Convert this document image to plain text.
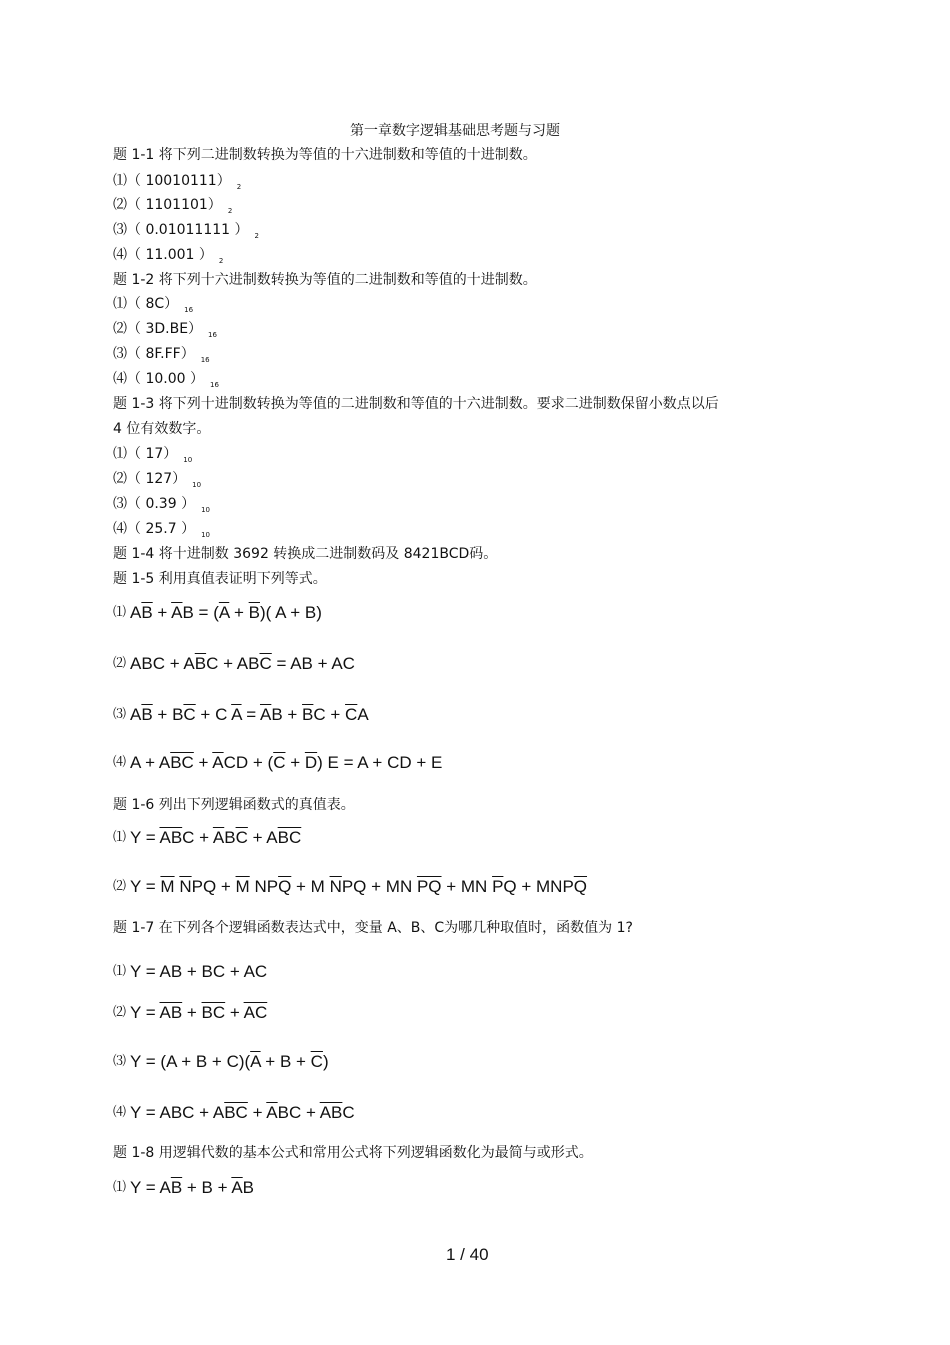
第一章数字逻辑基础思考题与习题
题 1-1 将下列二进制数转换为等值的十六进制数和等值的十进制数。
⑴（ 10010111） $_2$
⑵（ 1101101） $_2$
⑶（ 0.01011111 ） $_2$
⑷（ 11.001 ） $_2$
题 1-2 将下列十六进制数转换为等值的二进制数和等值的十进制数。
⑴（ 8C） $_{16}$
⑵（ 3D.BE） $_{16}$
⑶（ 8F.FF） $_{16}$
⑷（ 10.00 ） $_{16}$
题 1-3 将下列十进制数转换为等值的二进制数和等值的十六进制数。要求二进制数保留小数点以后
4 位有效数字。
⑴（ 17） $_{10}$
⑵（ 127） $_{10}$
⑶（ 0.39 ） $_{10}$
⑷（ 25.7 ） $_{10}$
题 1-4 将十进制数 3692 转换成二进制数码及 8421BCD码。
题 1-5 利用真值表证明下列等式。
题 1-6 列出下列逻辑函数式的真值表。
题 1-7 在下列各个逻辑函数表达式中，变量 A、B、C为哪几种取值时，函数值为 1?
题 1-8 用逻辑代数的基本公式和常用公式将下列逻辑函数化为最简与或形式。
⑴ $A\overline{B} + \overline{A}B = (\overline{A} + \overline{B})$( A + B)
⑵ ABC + $A\overline{B}C + AB\overline{C}$ = AB + AC
⑶ $A\overline{B} + B\overline{C} + C$ $\overline{A} = \overline{A}B + \overline{B}C + \overline{C}A$
⑷ $A + A\overline{BC} + \overline{A}CD + (\overline{C} + \overline{D}) E = A$ + CD + E
⑴ $Y = \overline{AB}C + \overline{A}B\overline{C} + A\overline{BC}$
⑵ $Y = \overline{M}$ $\overline{N}PQ + \overline{M}$ $NP\overline{Q} + M$ $\overline{N}PQ$ + MN $\overline{PQ}$ + MN $\overline{P}Q + MNP\overline{Q}$
⑴ Y = AB + BC + AC
⑵ $Y = \overline{AB} + \overline{BC} + \overline{AC}$
⑶ $Y = (A + B + C)(\overline{A} + B + \overline{C})$
⑷ Y = ABC + $A\overline{BC} + \overline{A}BC + \overline{AB}C$
⑴ $Y = A\overline{B} + B + \overline{A}B$
1 / 40
